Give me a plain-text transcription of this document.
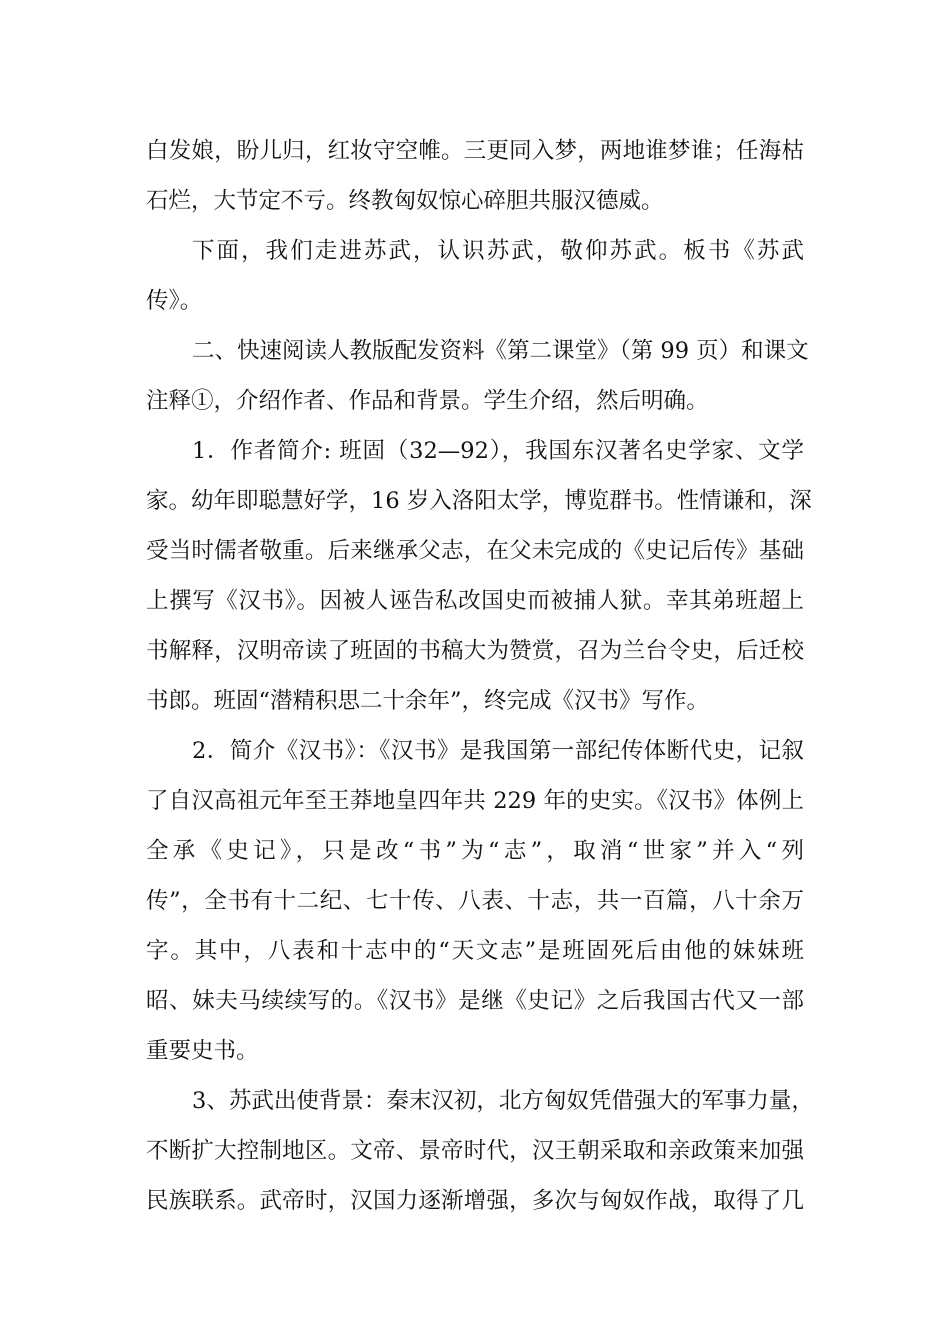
白发娘，盼儿归，红妆守空帷。三更同入梦，两地谁梦谁；任海枯
石烂，大节定不亏。终教匈奴惊心碎胆共服汉德威。
下面，我们走进苏武，认识苏武，敬仰苏武。板书《苏武
传》。
二、快速阅读人教版配发资料《第二课堂》（第 99 页）和课文
注释①，介绍作者、作品和背景。学生介绍，然后明确。
1．作者简介: 班固（32—92），我国东汉著名史学家、文学
家。幼年即聪慧好学，16 岁入洛阳太学，博览群书。性情谦和，深
受当时儒者敬重。后来继承父志，在父未完成的《史记后传》基础
上撰写《汉书》。因被人诬告私改国史而被捕人狱。幸其弟班超上
书解释，汉明帝读了班固的书稿大为赞赏，召为兰台令史，后迁校
书郎。班固“潜精积思二十余年”，终完成《汉书》写作。
2．简介《汉书》：《汉书》是我国第一部纪传体断代史，记叙
了自汉高祖元年至王莽地皇四年共 229 年的史实。《汉书》体例上
全承《史记》，只是改“书”为“志”，取消“世家”并入“列
传”，全书有十二纪、七十传、八表、十志，共一百篇，八十余万
字。其中，八表和十志中的“天文志”是班固死后由他的妹妹班
昭、妹夫马续续写的。《汉书》是继《史记》之后我国古代又一部
重要史书。
3、苏武出使背景：秦末汉初，北方匈奴凭借强大的军事力量，
不断扩大控制地区。文帝、景帝时代，汉王朝采取和亲政策来加强
民族联系。武帝时，汉国力逐渐增强，多次与匈奴作战，取得了几
